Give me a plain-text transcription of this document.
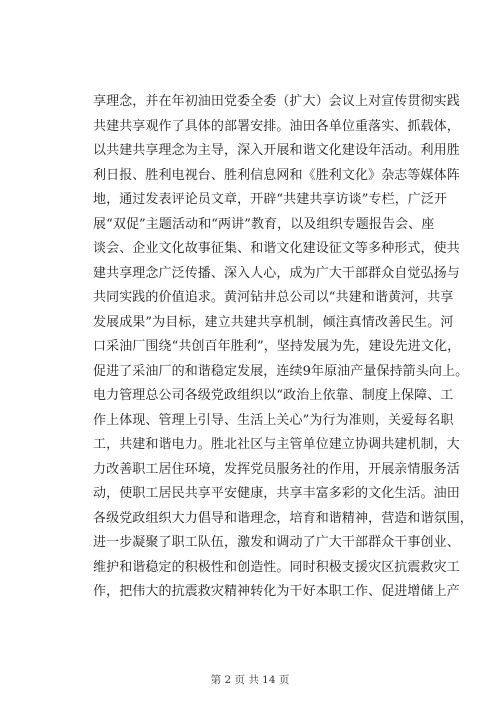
享理念，并在年初油田党委全委（扩大）会议上对宣传贯彻实践
共建共享观作了具体的部署安排。油田各单位重落实、抓载体，
以共建共享理念为主导，深入开展和谐文化建设年活动。利用胜
利日报、胜利电视台、胜利信息网和《胜利文化》杂志等媒体阵
地，通过发表评论员文章，开辟“共建共享访谈”专栏，广泛开
展“双促”主题活动和“两讲”教育，以及组织专题报告会、座
谈会、企业文化故事征集、和谐文化建设征文等多种形式，使共
建共享理念广泛传播、深入人心，成为广大干部群众自觉弘扬与
共同实践的价值追求。黄河钻井总公司以“共建和谐黄河，共享
发展成果”为目标，建立共建共享机制，倾注真情改善民生。河
口采油厂围绕“共创百年胜利”，坚持发展为先，建设先进文化，
促进了采油厂的和谐稳定发展，连续9年原油产量保持箭头向上。
电力管理总公司各级党政组织以“政治上依靠、制度上保障、工
作上体现、管理上引导、生活上关心”为行为准则，关爱每名职
工，共建和谐电力。胜北社区与主管单位建立协调共建机制，大
力改善职工居住环境，发挥党员服务社的作用，开展亲情服务活
动，使职工居民共享平安健康，共享丰富多彩的文化生活。油田
各级党政组织大力倡导和谐理念，培育和谐精神，营造和谐氛围，
进一步凝聚了职工队伍，激发和调动了广大干部群众干事创业、
维护和谐稳定的积极性和创造性。同时积极支援灾区抗震救灾工
作，把伟大的抗震救灾精神转化为干好本职工作、促进增储上产
第 2 页 共 14 页
